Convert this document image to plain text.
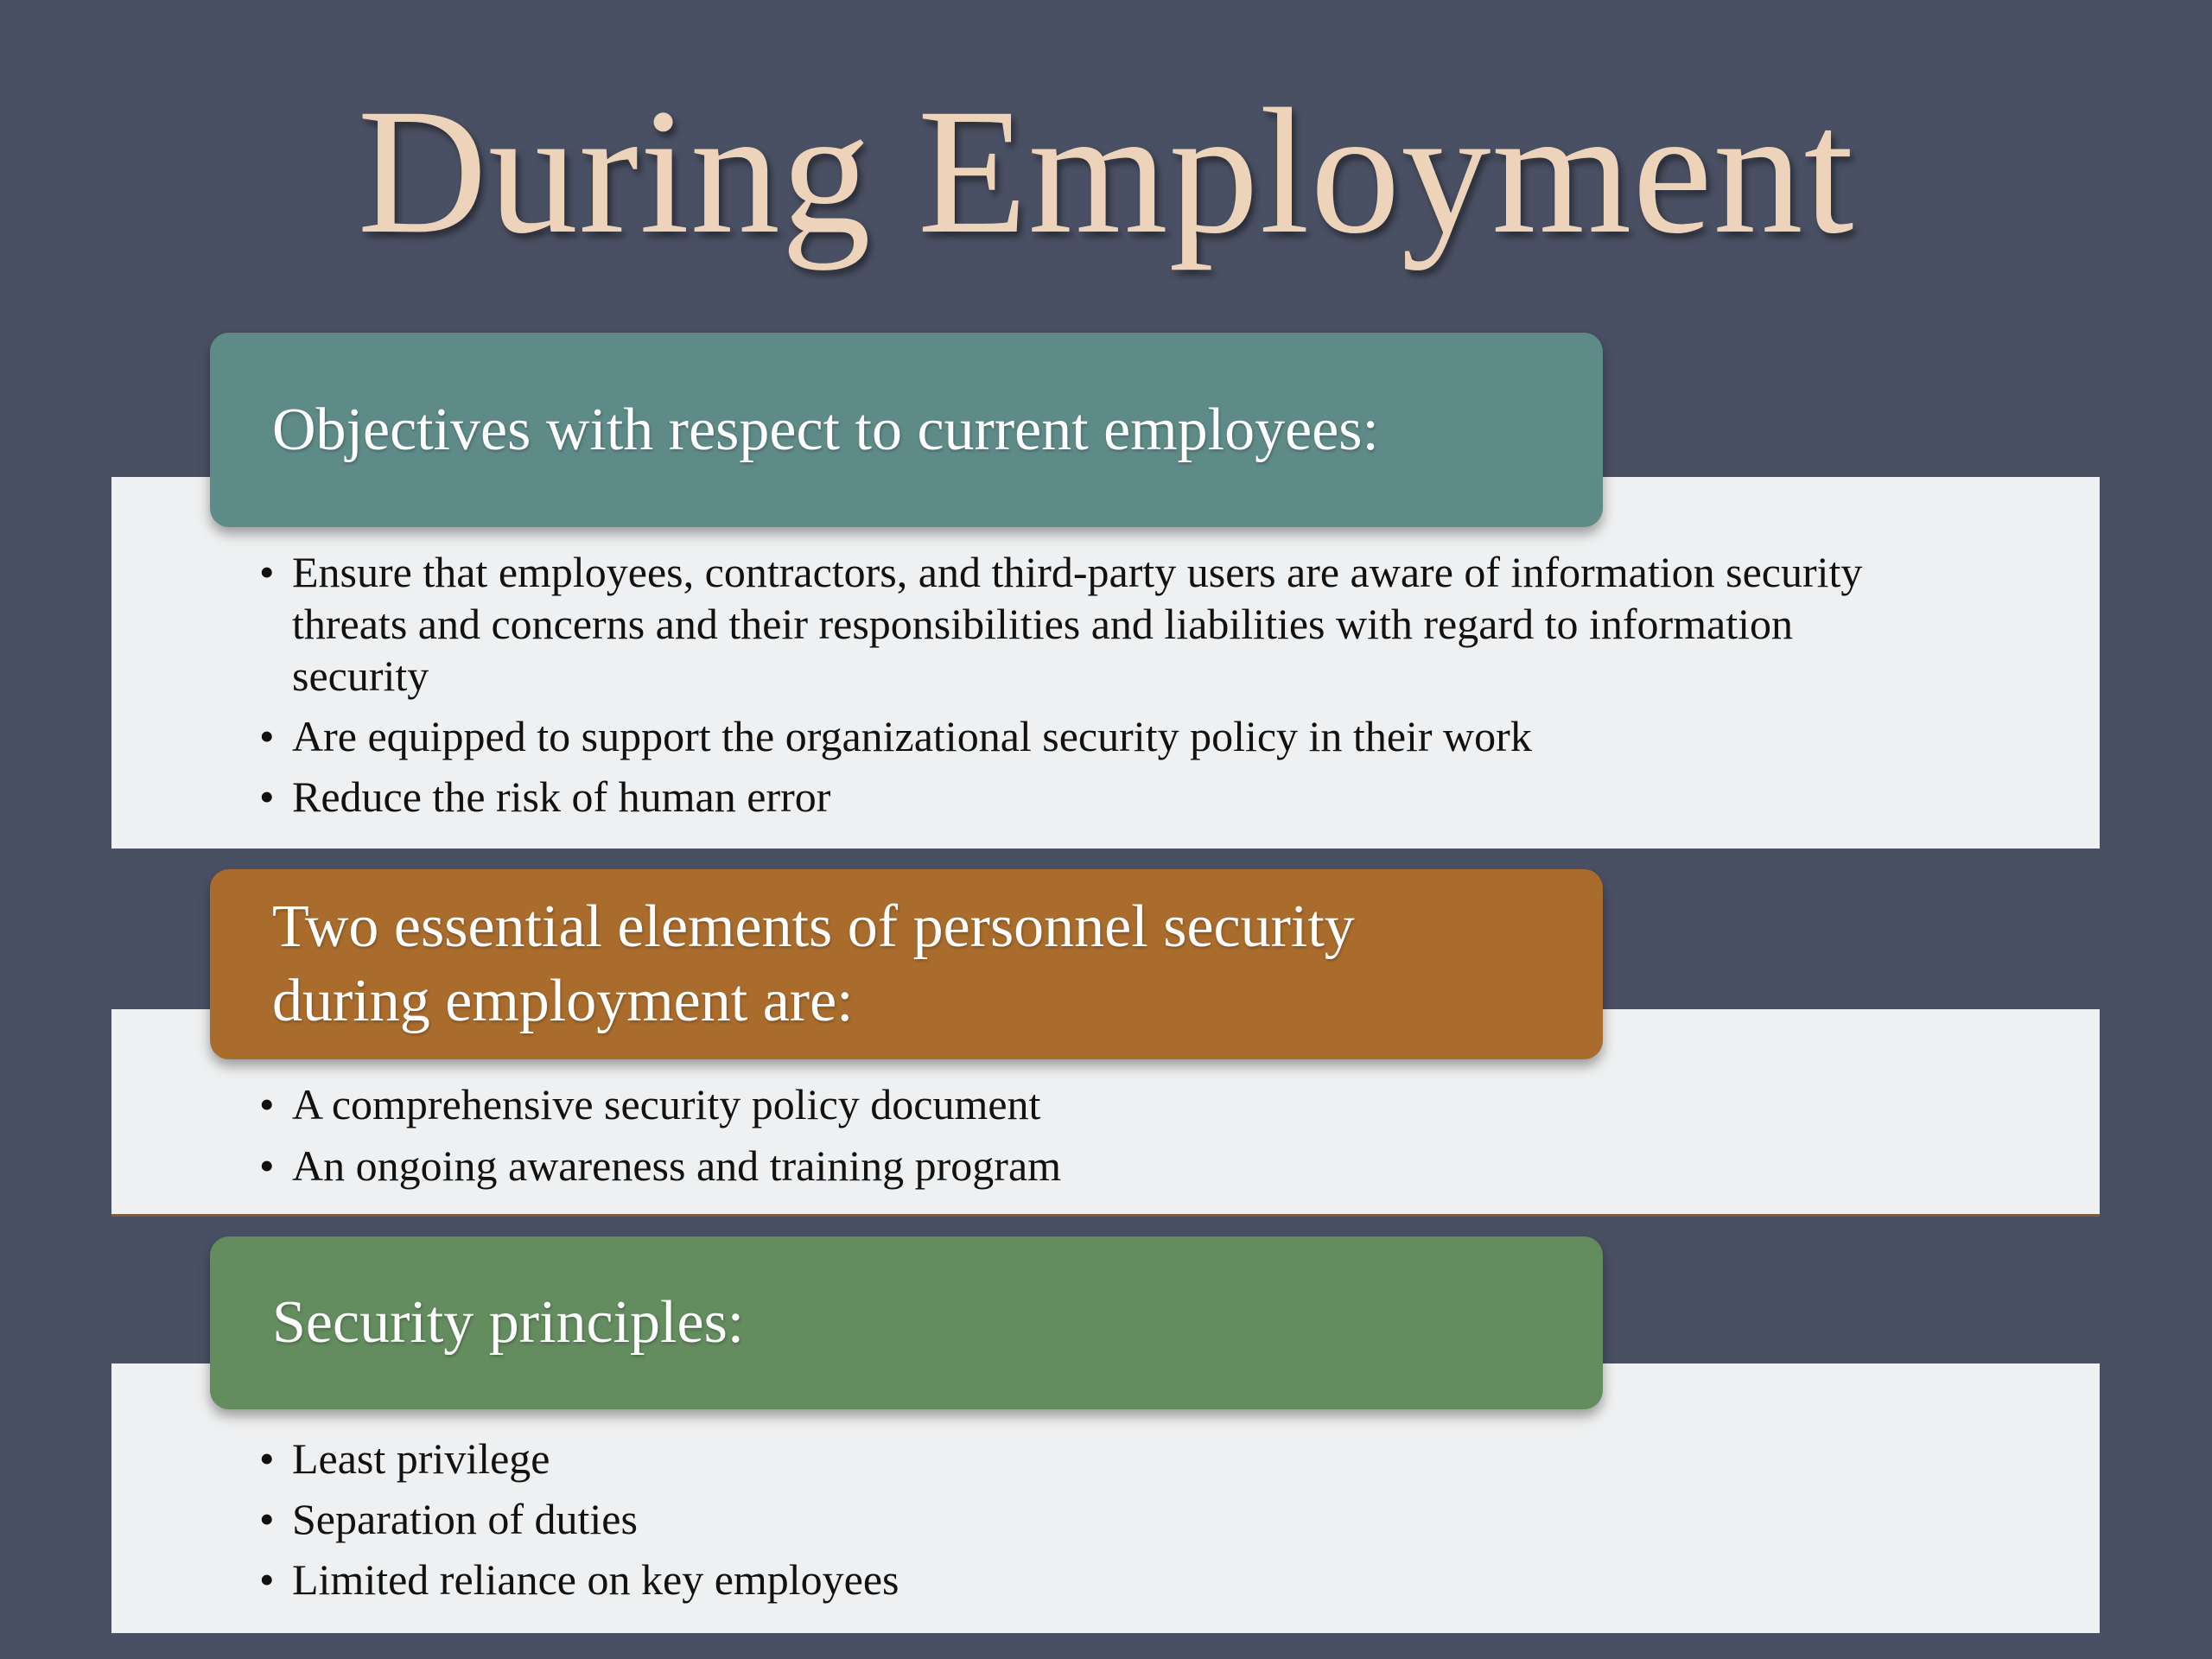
During Employment
Objectives with respect to current employees:
• Ensure that employees, contractors, and third-party users are aware of information security threats and concerns and their responsibilities and liabilities with regard to information security
• Are equipped to support the organizational security policy in their work
• Reduce the risk of human error
Two essential elements of personnel security
during employment are:
• A comprehensive security policy document
• An ongoing awareness and training program
Security principles:
• Least privilege
• Separation of duties
• Limited reliance on key employees
